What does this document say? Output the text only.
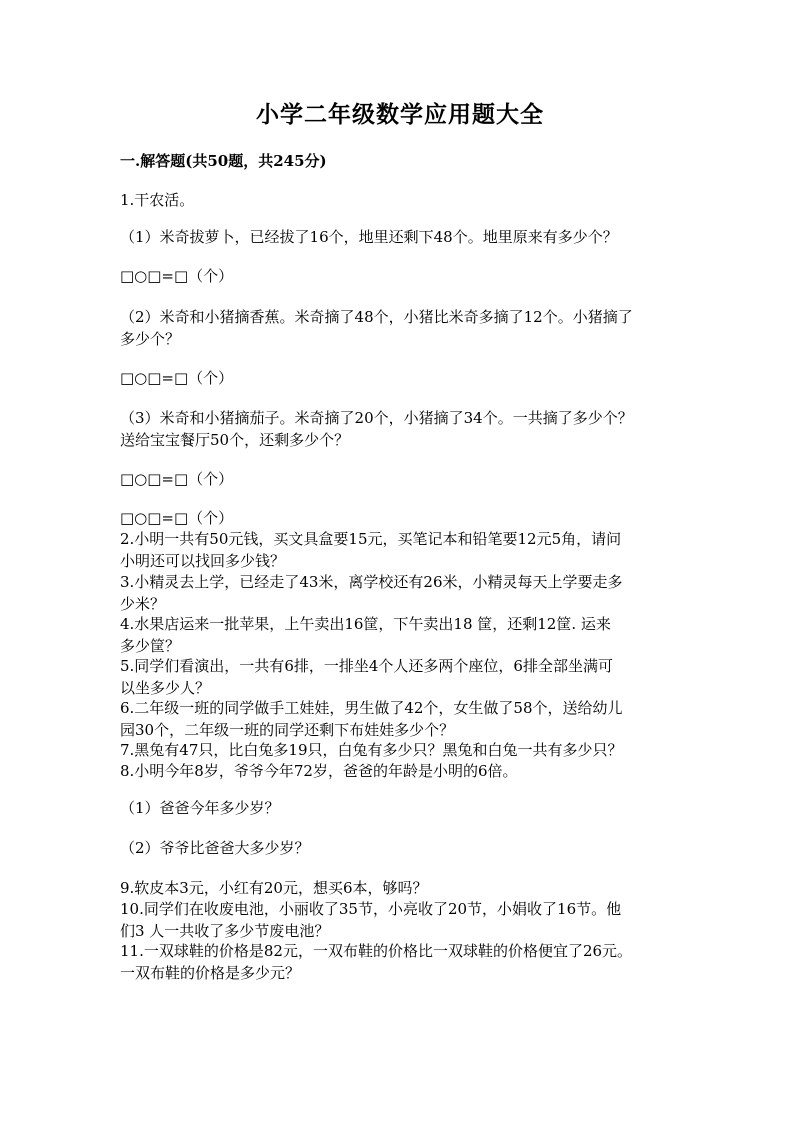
小学二年级数学应用题大全
一.解答题(共50题，共245分)
1.干农活。
（1）米奇拔萝卜，已经拔了16个，地里还剩下48个。地里原来有多少个？
□○□=□（个）
（2）米奇和小猪摘香蕉。米奇摘了48个，小猪比米奇多摘了12个。小猪摘了
多少个？
□○□=□（个）
（3）米奇和小猪摘茄子。米奇摘了20个，小猪摘了34个。一共摘了多少个？
送给宝宝餐厅50个，还剩多少个？
□○□=□（个）
□○□=□（个）
2.小明一共有50元钱，买文具盒要15元，买笔记本和铅笔要12元5角，请问
小明还可以找回多少钱？
3.小精灵去上学，已经走了43米，离学校还有26米，小精灵每天上学要走多
少米？
4.水果店运来一批苹果，上午卖出16筐，下午卖出18 筐，还剩12筐. 运来
多少筐？
5.同学们看演出，一共有6排，一排坐4个人还多两个座位，6排全部坐满可
以坐多少人？
6.二年级一班的同学做手工娃娃，男生做了42个，女生做了58个，送给幼儿
园30个，二年级一班的同学还剩下布娃娃多少个？
7.黑兔有47只，比白兔多19只，白兔有多少只？黑兔和白兔一共有多少只？
8.小明今年8岁，爷爷今年72岁，爸爸的年龄是小明的6倍。
（1）爸爸今年多少岁？
（2）爷爷比爸爸大多少岁？
9.软皮本3元，小红有20元，想买6本，够吗？
10.同学们在收废电池，小丽收了35节，小亮收了20节，小娟收了16节。他
们3 人一共收了多少节废电池？
11.一双球鞋的价格是82元，一双布鞋的价格比一双球鞋的价格便宜了26元。
一双布鞋的价格是多少元？
